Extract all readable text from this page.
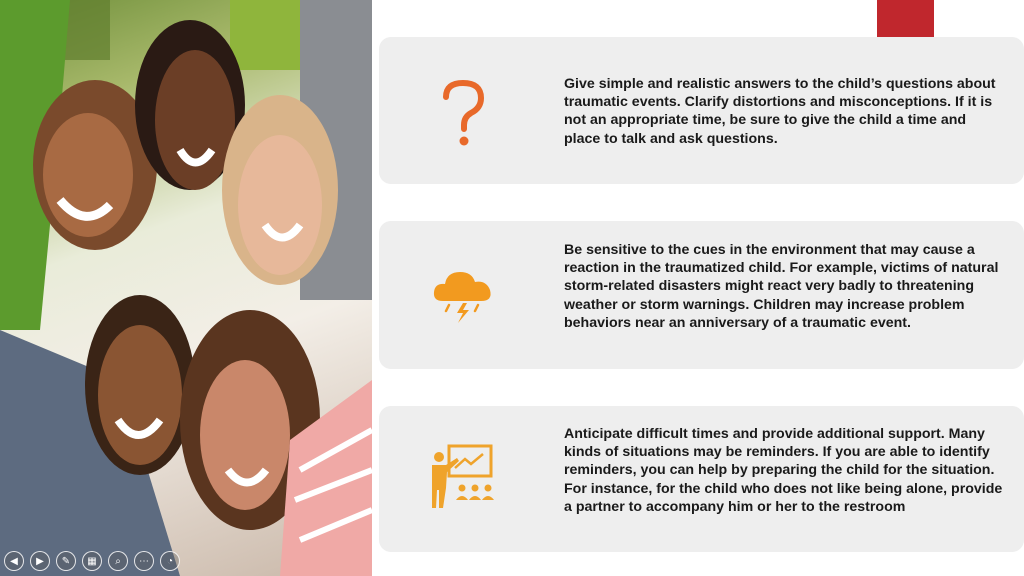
Give simple and realistic answers to the child’s questions about traumatic events. Clarify distortions and misconceptions. If it is not an appropriate time, be sure to give the child a time and place to talk and ask questions.
Be sensitive to the cues in the environment that may cause a reaction in the traumatized child. For example, victims of natural storm-related disasters might react very badly to threatening weather or storm warnings. Children may increase problem behaviors near an anniversary of a traumatic event.
Anticipate difficult times and provide additional support. Many kinds of situations may be reminders. If you are able to identify reminders, you can help by preparing the child for the situation. For instance, for the child who does not like being alone, provide a partner to accompany him or her to the restroom
◀	▶	✎	▦	⌕	⋯	◔
